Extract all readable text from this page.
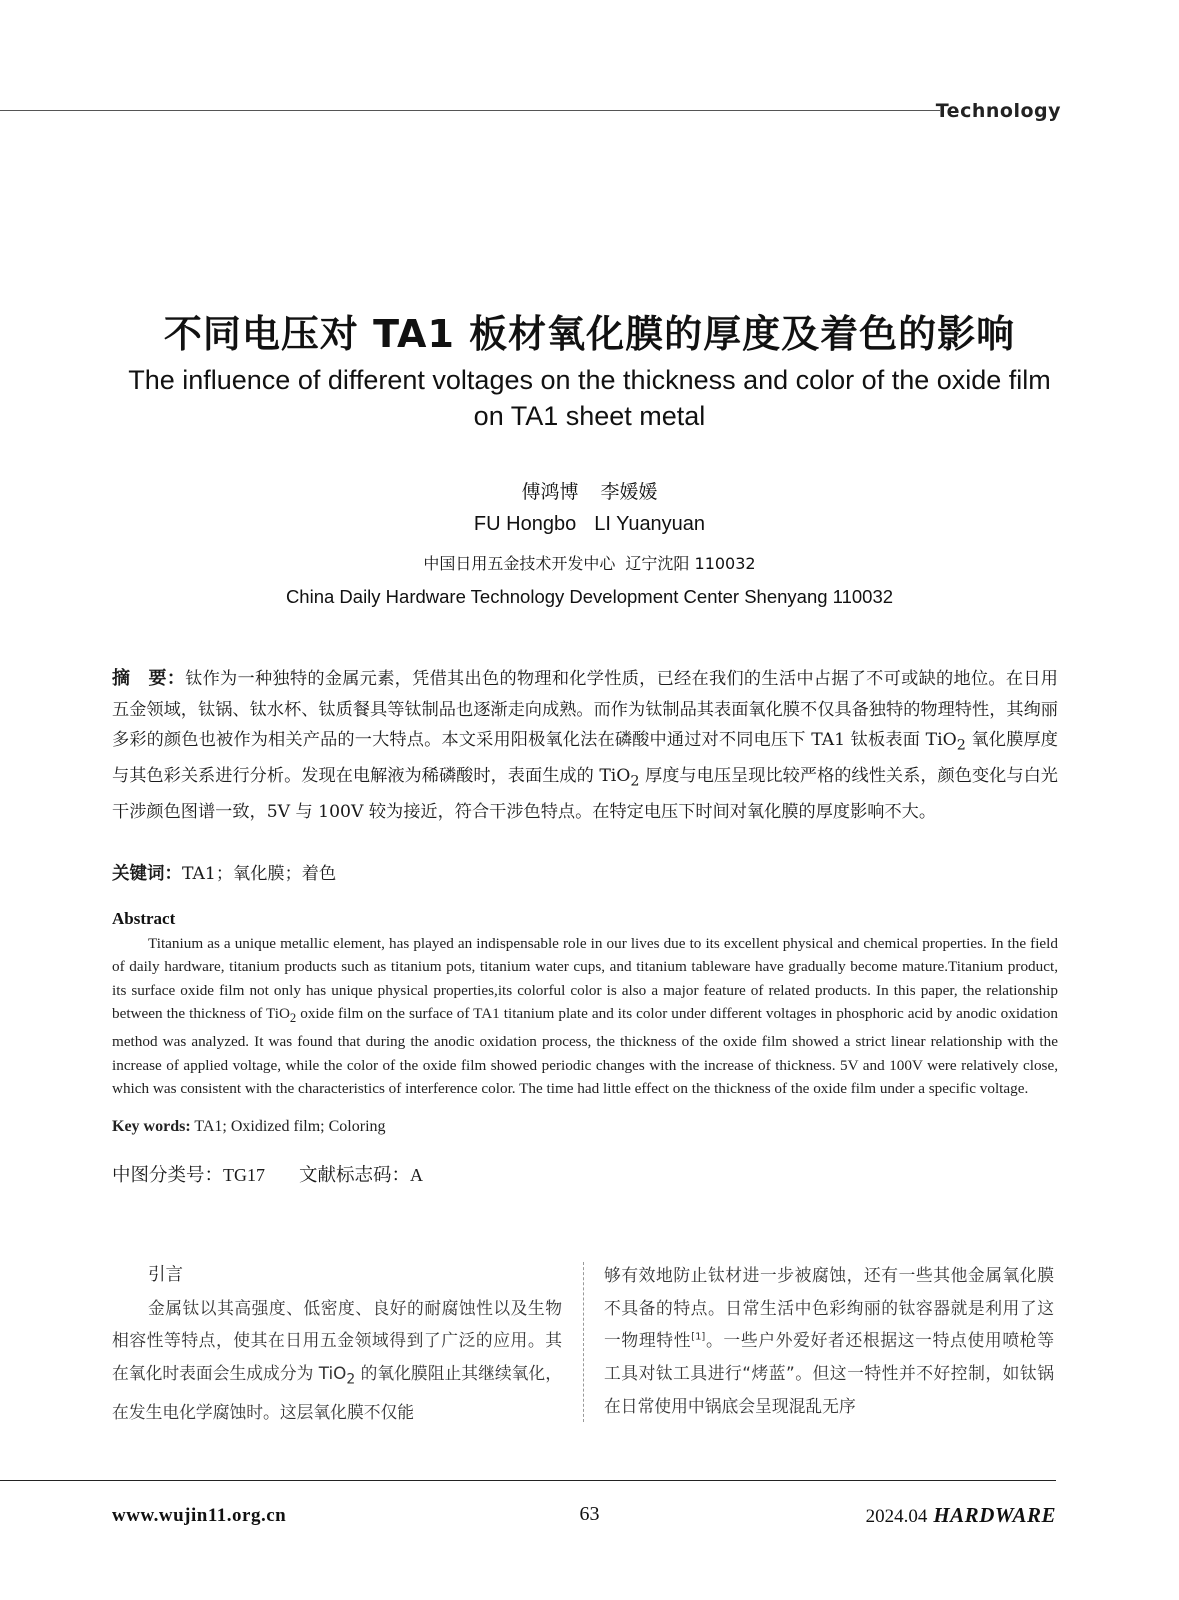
Technology
不同电压对 TA1 板材氧化膜的厚度及着色的影响
The influence of different voltages on the thickness and color of the oxide film
on TA1 sheet metal
傅鸿博 李媛媛
FU Hongbo LI Yuanyuan
中国日用五金技术开发中心 辽宁沈阳 110032
China Daily Hardware Technology Development Center Shenyang 110032
摘　要：钛作为一种独特的金属元素，凭借其出色的物理和化学性质，已经在我们的生活中占据了不可或缺的地位。在日用五金领域，钛锅、钛水杯、钛质餐具等钛制品也逐渐走向成熟。而作为钛制品其表面氧化膜不仅具备独特的物理特性，其绚丽多彩的颜色也被作为相关产品的一大特点。本文采用阳极氧化法在磷酸中通过对不同电压下 TA1 钛板表面 TiO$_2$ 氧化膜厚度与其色彩关系进行分析。发现在电解液为稀磷酸时，表面生成的 TiO$_2$ 厚度与电压呈现比较严格的线性关系，颜色变化与白光干涉颜色图谱一致，5V 与 100V 较为接近，符合干涉色特点。在特定电压下时间对氧化膜的厚度影响不大。
关键词：TA1；氧化膜；着色
Abstract
Titanium as a unique metallic element, has played an indispensable role in our lives due to its excellent physical and chemical properties. In the field of daily hardware, titanium products such as titanium pots, titanium water cups, and titanium tableware have gradually become mature.Titanium product, its surface oxide film not only has unique physical properties,its colorful color is also a major feature of related products. In this paper, the relationship between the thickness of TiO$_2$ oxide film on the surface of TA1 titanium plate and its color under different voltages in phosphoric acid by anodic oxidation method was analyzed. It was found that during the anodic oxidation process, the thickness of the oxide film showed a strict linear relationship with the increase of applied voltage, while the color of the oxide film showed periodic changes with the increase of thickness. 5V and 100V were relatively close, which was consistent with the characteristics of interference color. The time had little effect on the thickness of the oxide film under a specific voltage.
Key words: TA1; Oxidized film; Coloring
中图分类号：TG17 文献标志码：A
引言
金属钛以其高强度、低密度、良好的耐腐蚀性以及生物相容性等特点，使其在日用五金领域得到了广泛的应用。其在氧化时表面会生成成分为 TiO$_2$ 的氧化膜阻止其继续氧化，在发生电化学腐蚀时。这层氧化膜不仅能
够有效地防止钛材进一步被腐蚀，还有一些其他金属氧化膜不具备的特点。日常生活中色彩绚丽的钛容器就是利用了这一物理特性[1]。一些户外爱好者还根据这一特点使用喷枪等工具对钛工具进行“烤蓝”。但这一特性并不好控制，如钛锅在日常使用中锅底会呈现混乱无序
www.wujin11.org.cn	63	2024.04 HARDWARE
